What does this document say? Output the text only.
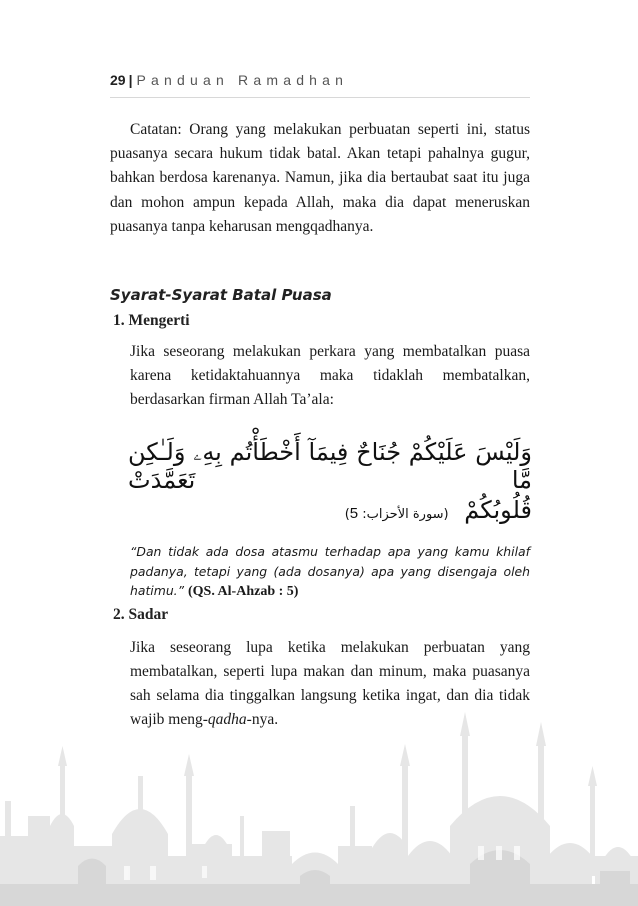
29 | Panduan Ramadhan

Catatan: Orang yang melakukan perbuatan seperti ini, status puasanya secara hukum tidak batal. Akan tetapi pahalnya gugur, bahkan berdosa karenanya. Namun, jika dia bertaubat saat itu juga dan mohon ampun kepada Allah, maka dia dapat meneruskan puasanya tanpa keharusan mengqadhanya.

Syarat-Syarat Batal Puasa
1. Mengerti

Jika seseorang melakukan perkara yang membatalkan puasa karena ketidaktahuannya maka tidaklah membatalkan, berdasarkan firman Allah Ta’ala:

وَلَيْسَ عَلَيْكُمْ جُنَاحٌ فِيمَآ أَخْطَأْتُم بِهِۦ وَلَـٰكِن مَّا تَعَمَّدَتْ
قُلُوبُكُمْ (سورة الأحزاب: 5)

“Dan tidak ada dosa atasmu terhadap apa yang kamu khilaf padanya, tetapi yang (ada dosanya) apa yang disengaja oleh hatimu.” (QS. Al-Ahzab : 5)

2. Sadar

Jika seseorang lupa ketika melakukan perbuatan yang membatalkan, seperti lupa makan dan minum, maka puasanya sah selama dia tinggalkan langsung ketika ingat, dan dia tidak wajib meng-qadha-nya.
